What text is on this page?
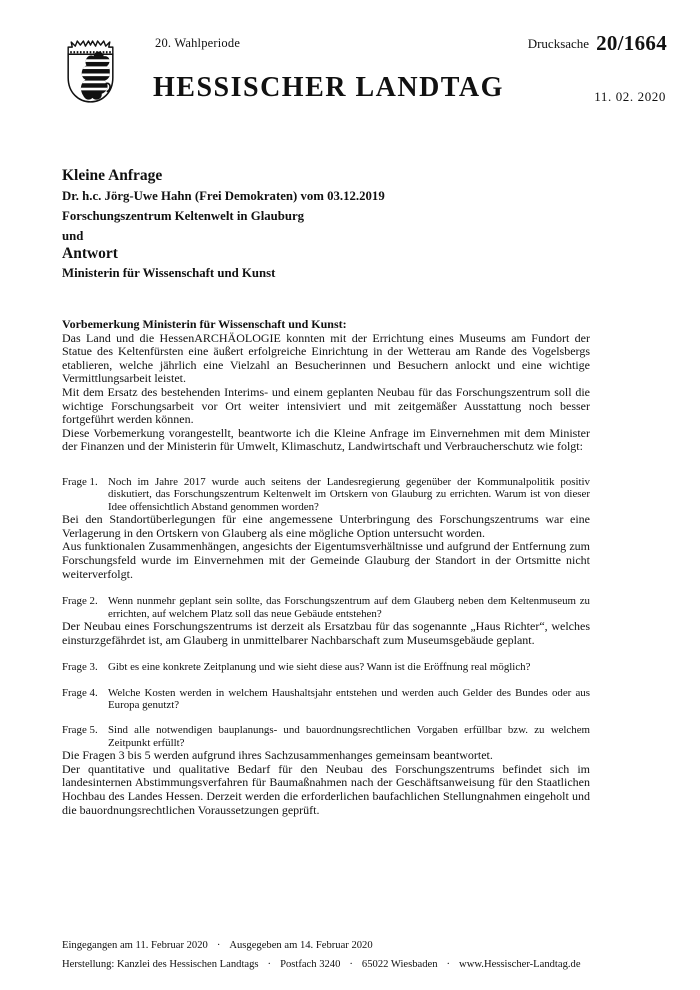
20. Wahlperiode
HESSISCHER LANDTAG
Drucksache 20/1664
11. 02. 2020
Kleine Anfrage
Dr. h.c. Jörg-Uwe Hahn (Frei Demokraten) vom 03.12.2019
Forschungszentrum Keltenwelt in Glauburg
und
Antwort
Ministerin für Wissenschaft und Kunst

Vorbemerkung Ministerin für Wissenschaft und Kunst:

Das Land und die HessenARCHÄOLOGIE konnten mit der Errichtung eines Museums am Fundort der Statue des Keltenfürsten eine äußert erfolgreiche Einrichtung in der Wetterau am Rande des Vogelsbergs etablieren, welche jährlich eine Vielzahl an Besucherinnen und Besuchern anlockt und eine wichtige Vermittlungsarbeit leistet.

Mit dem Ersatz des bestehenden Interims- und einem geplanten Neubau für das Forschungszentrum soll die wichtige Forschungsarbeit vor Ort weiter intensiviert und mit zeitgemäßer Ausstattung noch besser fortgeführt werden können.

Diese Vorbemerkung vorangestellt, beantworte ich die Kleine Anfrage im Einvernehmen mit dem Minister der Finanzen und der Ministerin für Umwelt, Klimaschutz, Landwirtschaft und Verbraucherschutz wie folgt:

Frage 1. Noch im Jahre 2017 wurde auch seitens der Landesregierung gegenüber der Kommunalpolitik positiv diskutiert, das Forschungszentrum Keltenwelt im Ortskern von Glauburg zu errichten. Warum ist von dieser Idee offensichtlich Abstand genommen worden?

Bei den Standortüberlegungen für eine angemessene Unterbringung des Forschungszentrums war eine Verlagerung in den Ortskern von Glauberg als eine mögliche Option untersucht worden.

Aus funktionalen Zusammenhängen, angesichts der Eigentumsverhältnisse und aufgrund der Entfernung zum Forschungsfeld wurde im Einvernehmen mit der Gemeinde Glauburg der Standort in der Ortsmitte nicht weiterverfolgt.

Frage 2. Wenn nunmehr geplant sein sollte, das Forschungszentrum auf dem Glauberg neben dem Keltenmuseum zu errichten, auf welchem Platz soll das neue Gebäude entstehen?

Der Neubau eines Forschungszentrums ist derzeit als Ersatzbau für das sogenannte „Haus Richter“, welches einsturzgefährdet ist, am Glauberg in unmittelbarer Nachbarschaft zum Museumsgebäude geplant.

Frage 3. Gibt es eine konkrete Zeitplanung und wie sieht diese aus? Wann ist die Eröffnung real möglich?
Frage 4. Welche Kosten werden in welchem Haushaltsjahr entstehen und werden auch Gelder des Bundes oder aus Europa genutzt?
Frage 5. Sind alle notwendigen bauplanungs- und bauordnungsrechtlichen Vorgaben erfüllbar bzw. zu welchem Zeitpunkt erfüllt?

Die Fragen 3 bis 5 werden aufgrund ihres Sachzusammenhanges gemeinsam beantwortet.

Der quantitative und qualitative Bedarf für den Neubau des Forschungszentrums befindet sich im landesinternen Abstimmungsverfahren für Baumaßnahmen nach der Geschäftsanweisung für den Staatlichen Hochbau des Landes Hessen. Derzeit werden die erforderlichen baufachlichen Stellungnahmen eingeholt und die bauordnungsrechtlichen Voraussetzungen geprüft.

Eingegangen am 11. Februar 2020 · Ausgegeben am 14. Februar 2020
Herstellung: Kanzlei des Hessischen Landtags · Postfach 3240 · 65022 Wiesbaden · www.Hessischer-Landtag.de
